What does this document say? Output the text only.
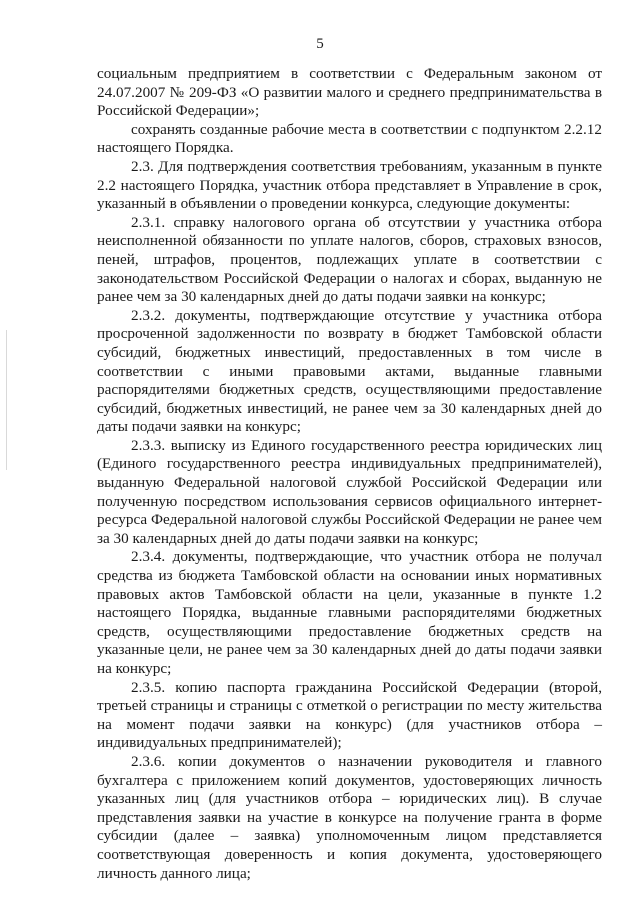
5

социальным предприятием в соответствии с Федеральным законом от 24.07.2007 № 209-ФЗ «О развитии малого и среднего предпринимательства в Российской Федерации»;

сохранять созданные рабочие места в соответствии с подпунктом 2.2.12 настоящего Порядка.

2.3. Для подтверждения соответствия требованиям, указанным в пункте 2.2 настоящего Порядка, участник отбора представляет в Управление в срок, указанный в объявлении о проведении конкурса, следующие документы:

2.3.1. справку налогового органа об отсутствии у участника отбора неисполненной обязанности по уплате налогов, сборов, страховых взносов, пеней, штрафов, процентов, подлежащих уплате в соответствии с законодательством Российской Федерации о налогах и сборах, выданную не ранее чем за 30 календарных дней до даты подачи заявки на конкурс;

2.3.2. документы, подтверждающие отсутствие у участника отбора просроченной задолженности по возврату в бюджет Тамбовской области субсидий, бюджетных инвестиций, предоставленных в том числе в соответствии с иными правовыми актами, выданные главными распорядителями бюджетных средств, осуществляющими предоставление субсидий, бюджетных инвестиций, не ранее чем за 30 календарных дней до даты подачи заявки на конкурс;

2.3.3. выписку из Единого государственного реестра юридических лиц (Единого государственного реестра индивидуальных предпринимателей), выданную Федеральной налоговой службой Российской Федерации или полученную посредством использования сервисов официального интернет-ресурса Федеральной налоговой службы Российской Федерации не ранее чем за 30 календарных дней до даты подачи заявки на конкурс;

2.3.4. документы, подтверждающие, что участник отбора не получал средства из бюджета Тамбовской области на основании иных нормативных правовых актов Тамбовской области на цели, указанные в пункте 1.2 настоящего Порядка, выданные главными распорядителями бюджетных средств, осуществляющими предоставление бюджетных средств на указанные цели, не ранее чем за 30 календарных дней до даты подачи заявки на конкурс;

2.3.5. копию паспорта гражданина Российской Федерации (второй, третьей страницы и страницы с отметкой о регистрации по месту жительства на момент подачи заявки на конкурс) (для участников отбора – индивидуальных предпринимателей);

2.3.6. копии документов о назначении руководителя и главного бухгалтера с приложением копий документов, удостоверяющих личность указанных лиц (для участников отбора – юридических лиц). В случае представления заявки на участие в конкурсе на получение гранта в форме субсидии (далее – заявка) уполномоченным лицом представляется соответствующая доверенность и копия документа, удостоверяющего личность данного лица;
